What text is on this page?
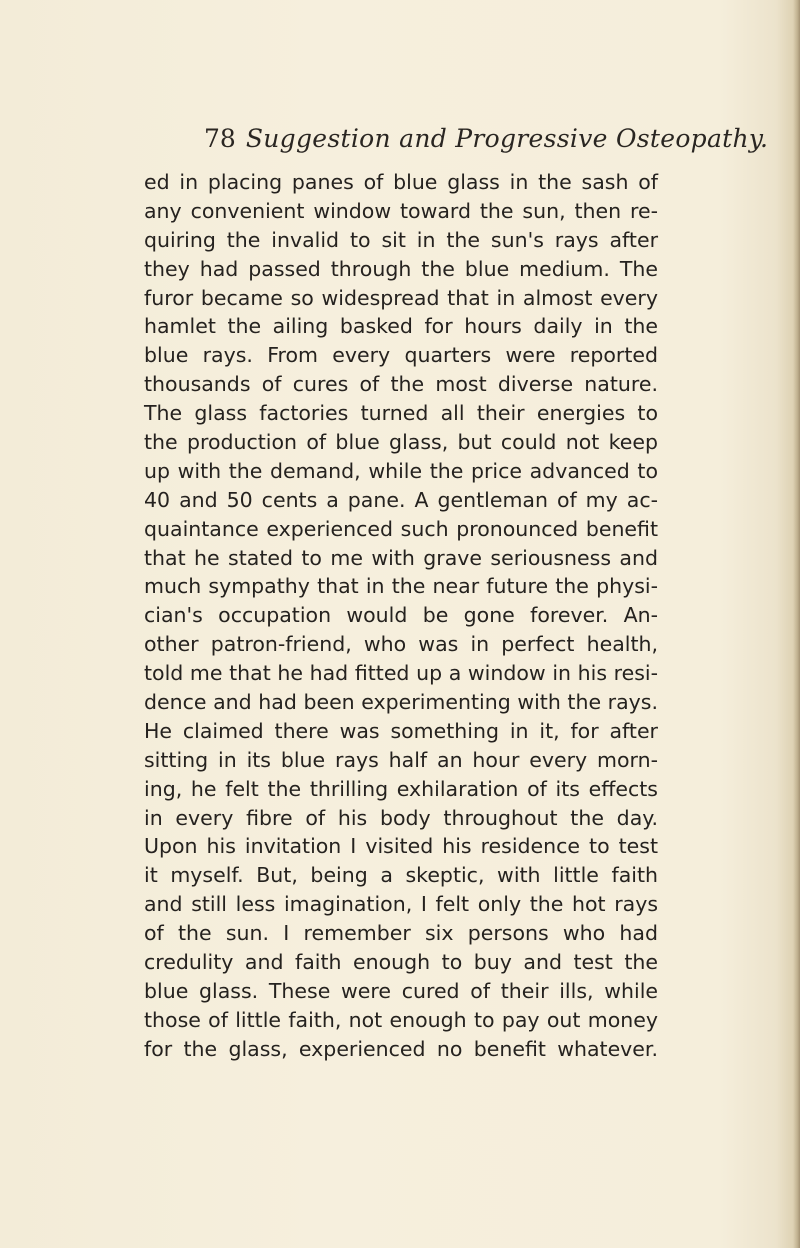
78 Suggestion and Progressive Osteopathy.
ed in placing panes of blue glass in the sash of
any convenient window toward the sun, then re-
quiring the invalid to sit in the sun's rays after
they had passed through the blue medium. The
furor became so widespread that in almost every
hamlet the ailing basked for hours daily in the
blue rays. From every quarters were reported
thousands of cures of the most diverse nature.
The glass factories turned all their energies to
the production of blue glass, but could not keep
up with the demand, while the price advanced to
40 and 50 cents a pane. A gentleman of my ac-
quaintance experienced such pronounced benefit
that he stated to me with grave seriousness and
much sympathy that in the near future the physi-
cian's occupation would be gone forever. An-
other patron-friend, who was in perfect health,
told me that he had fitted up a window in his resi-
dence and had been experimenting with the rays.
He claimed there was something in it, for after
sitting in its blue rays half an hour every morn-
ing, he felt the thrilling exhilaration of its effects
in every fibre of his body throughout the day.
Upon his invitation I visited his residence to test
it myself. But, being a skeptic, with little faith
and still less imagination, I felt only the hot rays
of the sun. I remember six persons who had
credulity and faith enough to buy and test the
blue glass. These were cured of their ills, while
those of little faith, not enough to pay out money
for the glass, experienced no benefit whatever.
